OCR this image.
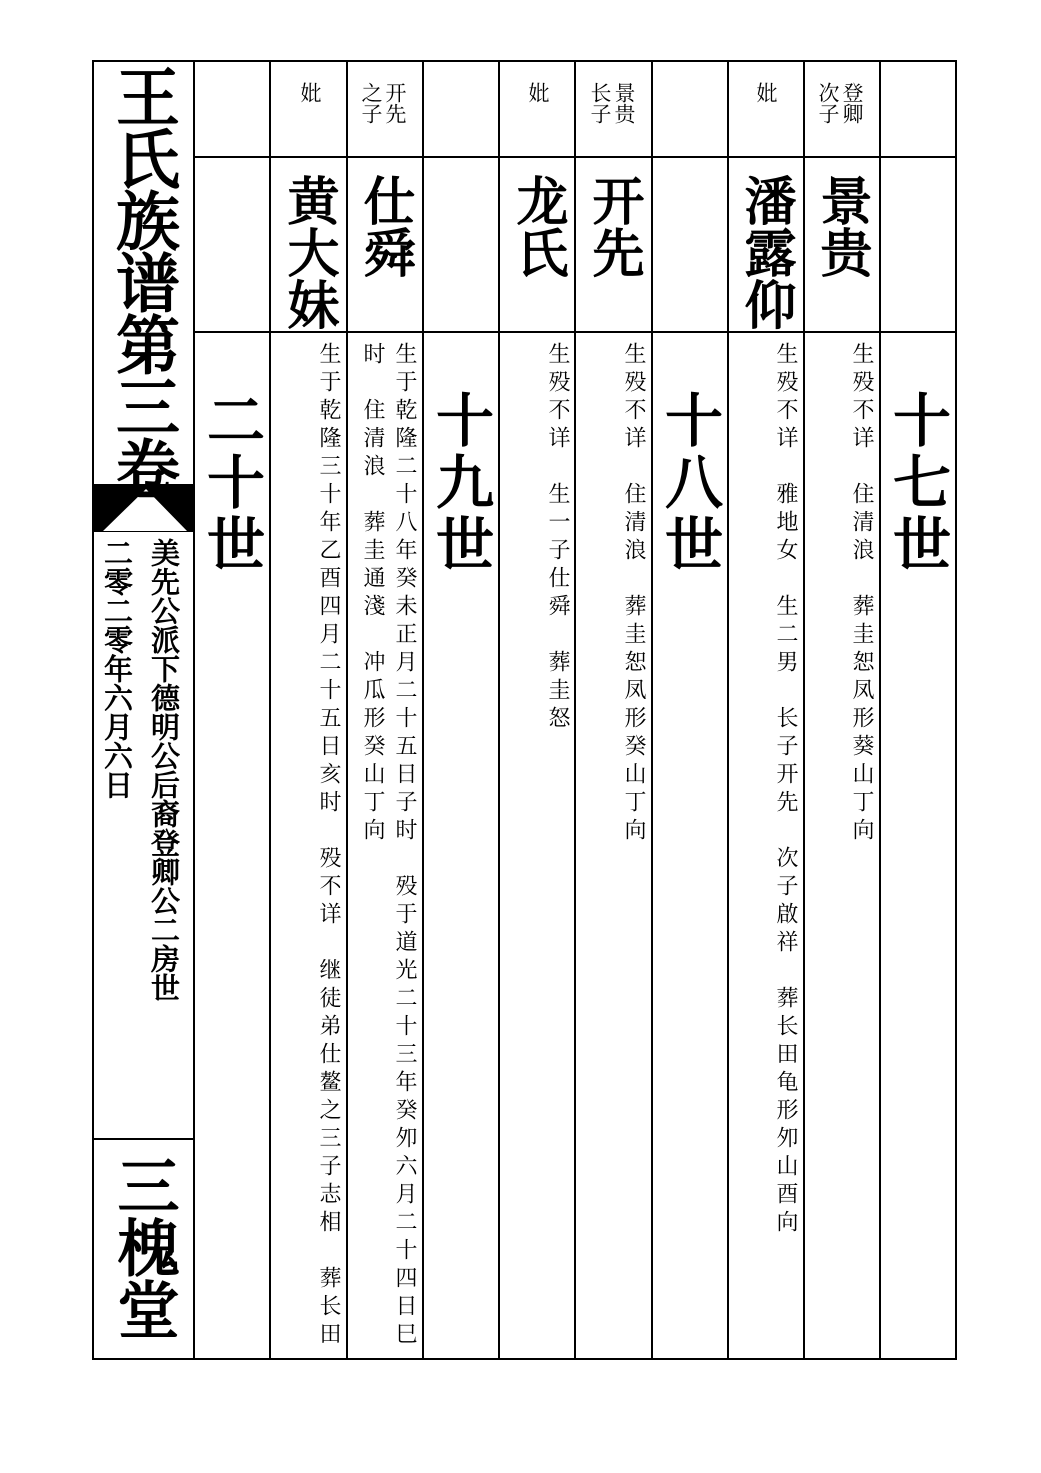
王氏族谱第三卷
美先公派下德明公后裔登卿公二房世
二零二零年六月六日
三槐堂
十七世
十八世
十九世
二十世
登卿
次子
景贵
生殁不详　住清浪　葬圭恕凤形葵山丁向
妣
潘露仰
生殁不详　雅地女　生二男　长子开先　次子啟祥　葬长田龟形夘山酉向
景贵
长子
开先
生殁不详　住清浪　葬圭恕凤形癸山丁向
妣
龙氏
生殁不详　生一子仕舜　葬圭怒
开先
之子
仕舜
生于乾隆二十八年癸未正月二十五日子时　殁于道光二十三年癸夘六月二十四日巳
时　住清浪　葬圭通淺　冲瓜形癸山丁向
妣
黄大妹
生于乾隆三十年乙酉四月二十五日亥时　殁不详　继徒弟仕鳌之三子志相　葬长田
